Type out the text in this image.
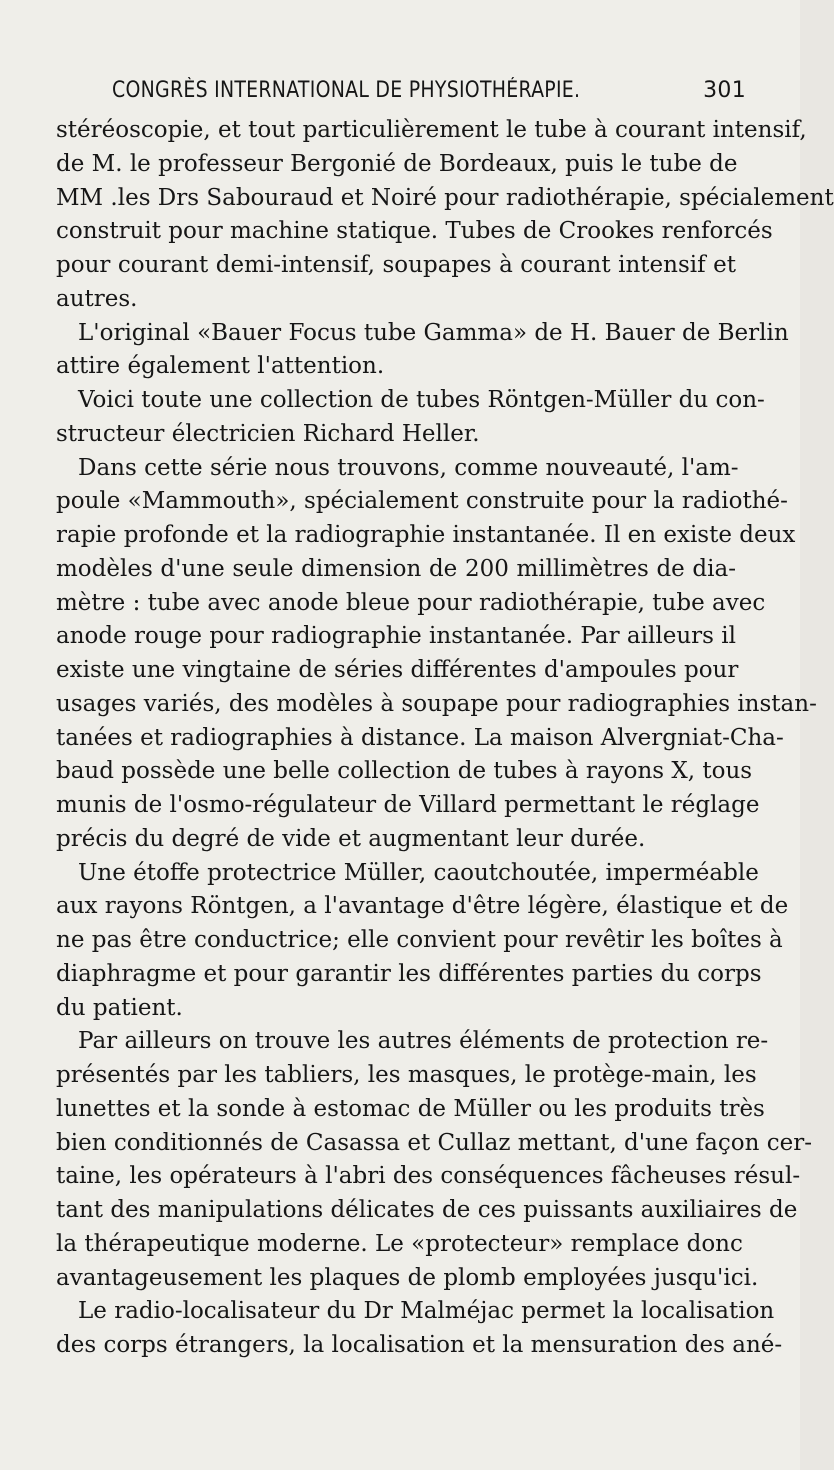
CONGRÈS INTERNATIONAL DE PHYSIOTHÉRAPIE.	301
stéréoscopie, et tout particulièrement le tube à courant intensif,
de M. le professeur Bergonié de Bordeaux, puis le tube de
MM .les Drs Sabouraud et Noiré pour radiothérapie, spécialement
construit pour machine statique. Tubes de Crookes renforcés
pour courant demi-intensif, soupapes à courant intensif et
autres.
L'original «Bauer Focus tube Gamma» de H. Bauer de Berlin
attire également l'attention.
Voici toute une collection de tubes Röntgen-Müller du con-
structeur électricien Richard Heller.
Dans cette série nous trouvons, comme nouveauté, l'am-
poule «Mammouth», spécialement construite pour la radiothé-
rapie profonde et la radiographie instantanée. Il en existe deux
modèles d'une seule dimension de 200 millimètres de dia-
mètre : tube avec anode bleue pour radiothérapie, tube avec
anode rouge pour radiographie instantanée. Par ailleurs il
existe une vingtaine de séries différentes d'ampoules pour
usages variés, des modèles à soupape pour radiographies instan-
tanées et radiographies à distance. La maison Alvergniat-Cha-
baud possède une belle collection de tubes à rayons X, tous
munis de l'osmo-régulateur de Villard permettant le réglage
précis du degré de vide et augmentant leur durée.
Une étoffe protectrice Müller, caoutchoutée, imperméable
aux rayons Röntgen, a l'avantage d'être légère, élastique et de
ne pas être conductrice; elle convient pour revêtir les boîtes à
diaphragme et pour garantir les différentes parties du corps
du patient.
Par ailleurs on trouve les autres éléments de protection re-
présentés par les tabliers, les masques, le protège-main, les
lunettes et la sonde à estomac de Müller ou les produits très
bien conditionnés de Casassa et Cullaz mettant, d'une façon cer-
taine, les opérateurs à l'abri des conséquences fâcheuses résul-
tant des manipulations délicates de ces puissants auxiliaires de
la thérapeutique moderne. Le «protecteur» remplace donc
avantageusement les plaques de plomb employées jusqu'ici.
Le radio-localisateur du Dr Malméjac permet la localisation
des corps étrangers, la localisation et la mensuration des ané-
